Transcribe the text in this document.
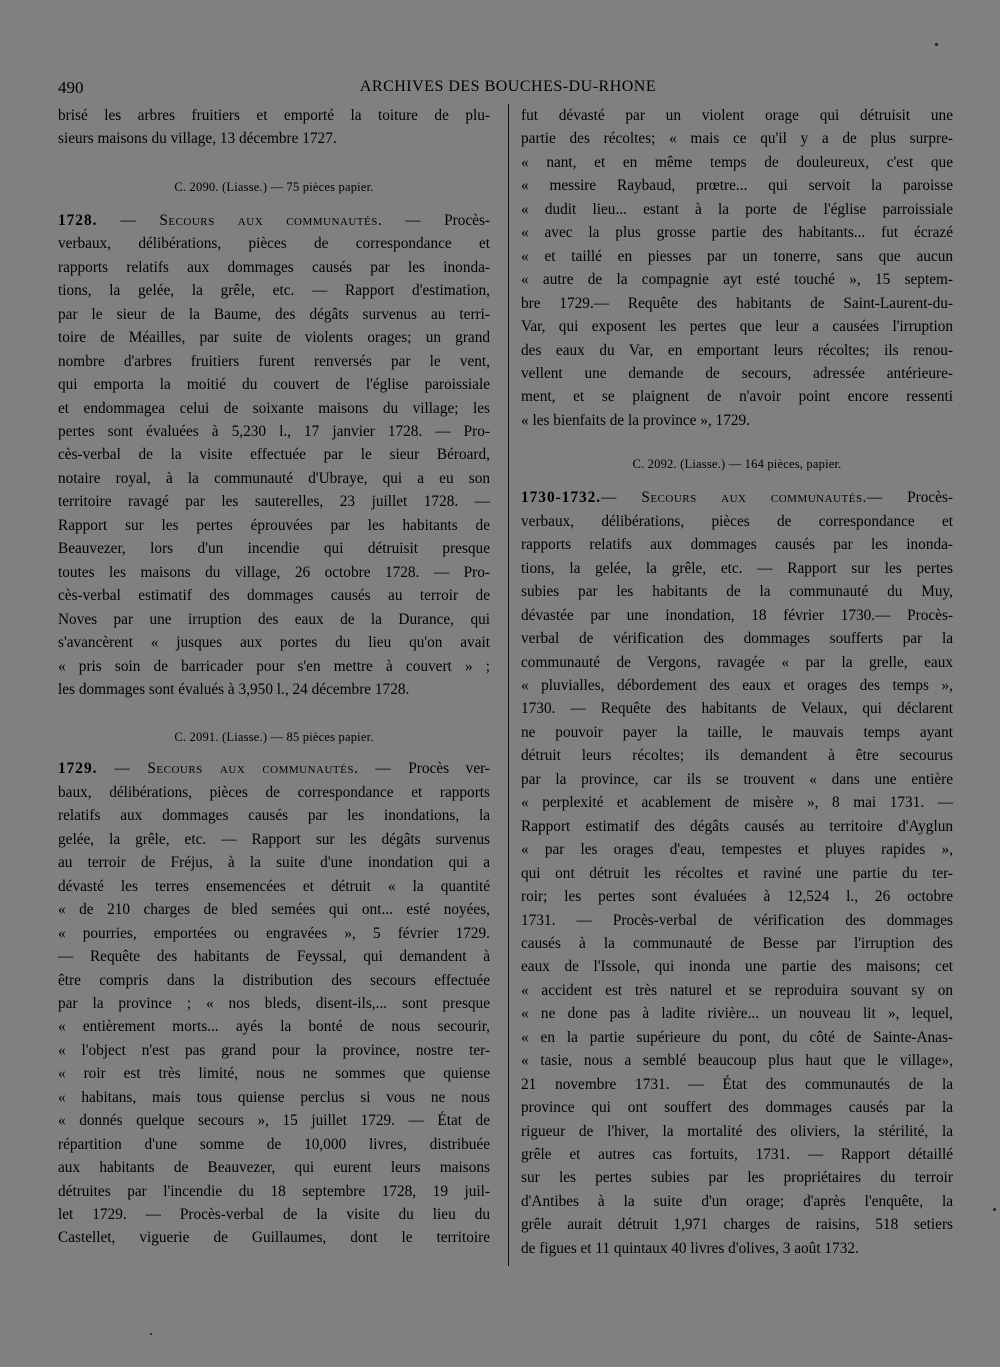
490	ARCHIVES DES BOUCHES-DU-RHONE

brisé les arbres fruitiers et emporté la toiture de plu-
sieurs maisons du village, 13 décembre 1727.

C. 2090. (Liasse.) — 75 pièces papier.

1728. — Secours aux communautés. — Procès-
verbaux, délibérations, pièces de correspondance et
rapports relatifs aux dommages causés par les inonda-
tions, la gelée, la grêle, etc. — Rapport d'estimation,
par le sieur de la Baume, des dégâts survenus au terri-
toire de Méailles, par suite de violents orages; un grand
nombre d'arbres fruitiers furent renversés par le vent,
qui emporta la moitié du couvert de l'église paroissiale
et endommagea celui de soixante maisons du village; les
pertes sont évaluées à 5,230 l., 17 janvier 1728. — Pro-
cès-verbal de la visite effectuée par le sieur Béroard,
notaire royal, à la communauté d'Ubraye, qui a eu son
territoire ravagé par les sauterelles, 23 juillet 1728. —
Rapport sur les pertes éprouvées par les habitants de
Beauvezer, lors d'un incendie qui détruisit presque
toutes les maisons du village, 26 octobre 1728. — Pro-
cès-verbal estimatif des dommages causés au terroir de
Noves par une irruption des eaux de la Durance, qui
s'avancèrent « jusques aux portes du lieu qu'on avait
« pris soin de barricader pour s'en mettre à couvert » ;
les dommages sont évalués à 3,950 l., 24 décembre 1728.

C. 2091. (Liasse.) — 85 pièces papier.

1729. — Secours aux communautés. — Procès ver-
baux, délibérations, pièces de correspondance et rapports
relatifs aux dommages causés par les inondations, la
gelée, la grêle, etc. — Rapport sur les dégâts survenus
au terroir de Fréjus, à la suite d'une inondation qui a
dévasté les terres ensemencées et détruit « la quantité
« de 210 charges de bled semées qui ont... esté noyées,
« pourries, emportées ou engravées », 5 février 1729.
— Requête des habitants de Feyssal, qui demandent à
être compris dans la distribution des secours effectuée
par la province ; « nos bleds, disent-ils,... sont presque
« entièrement morts... ayés la bonté de nous secourir,
« l'object n'est pas grand pour la province, nostre ter-
« roir est très limité, nous ne sommes que quiense
« habitans, mais tous quiense perclus si vous ne nous
« donnés quelque secours », 15 juillet 1729. — État de
répartition d'une somme de 10,000 livres, distribuée
aux habitants de Beauvezer, qui eurent leurs maisons
détruites par l'incendie du 18 septembre 1728, 19 juil-
let 1729. — Procès-verbal de la visite du lieu du
Castellet, viguerie de Guillaumes, dont le territoire

fut dévasté par un violent orage qui détruisit une
partie des récoltes; « mais ce qu'il y a de plus surpre-
« nant, et en même temps de douleureux, c'est que
« messire Raybaud, prœtre... qui servoit la paroisse
« dudit lieu... estant à la porte de l'église parroissiale
« avec la plus grosse partie des habitants... fut écrazé
« et taillé en piesses par un tonerre, sans que aucun
« autre de la compagnie ayt esté touché », 15 septem-
bre 1729.— Requête des habitants de Saint-Laurent-du-
Var, qui exposent les pertes que leur a causées l'irruption
des eaux du Var, en emportant leurs récoltes; ils renou-
vellent une demande de secours, adressée antérieure-
ment, et se plaignent de n'avoir point encore ressenti
« les bienfaits de la province », 1729.

C. 2092. (Liasse.) — 164 pièces, papier.

1730-1732.— Secours aux communautés.— Procès-
verbaux, délibérations, pièces de correspondance et
rapports relatifs aux dommages causés par les inonda-
tions, la gelée, la grêle, etc. — Rapport sur les pertes
subies par les habitants de la communauté du Muy,
dévastée par une inondation, 18 février 1730.— Procès-
verbal de vérification des dommages soufferts par la
communauté de Vergons, ravagée « par la grelle, eaux
« pluvialles, débordement des eaux et orages des temps »,
1730. — Requête des habitants de Velaux, qui déclarent
ne pouvoir payer la taille, le mauvais temps ayant
détruit leurs récoltes; ils demandent à être secourus
par la province, car ils se trouvent « dans une entière
« perplexité et acablement de misère », 8 mai 1731. —
Rapport estimatif des dégâts causés au territoire d'Ayglun
« par les orages d'eau, tempestes et pluyes rapides »,
qui ont détruit les récoltes et raviné une partie du ter-
roir; les pertes sont évaluées à 12,524 l., 26 octobre
1731. — Procès-verbal de vérification des dommages
causés à la communauté de Besse par l'irruption des
eaux de l'Issole, qui inonda une partie des maisons; cet
« accident est très naturel et se reproduira souvant sy on
« ne done pas à ladite rivière... un nouveau lit », lequel,
« en la partie supérieure du pont, du côté de Sainte-Anas-
« tasie, nous a semblé beaucoup plus haut que le village»,
21 novembre 1731. — État des communautés de la
province qui ont souffert des dommages causés par la
rigueur de l'hiver, la mortalité des oliviers, la stérilité, la
grêle et autres cas fortuits, 1731. — Rapport détaillé
sur les pertes subies par les propriétaires du terroir
d'Antibes à la suite d'un orage; d'après l'enquête, la
grêle aurait détruit 1,971 charges de raisins, 518 setiers
de figues et 11 quintaux 40 livres d'olives, 3 août 1732.
